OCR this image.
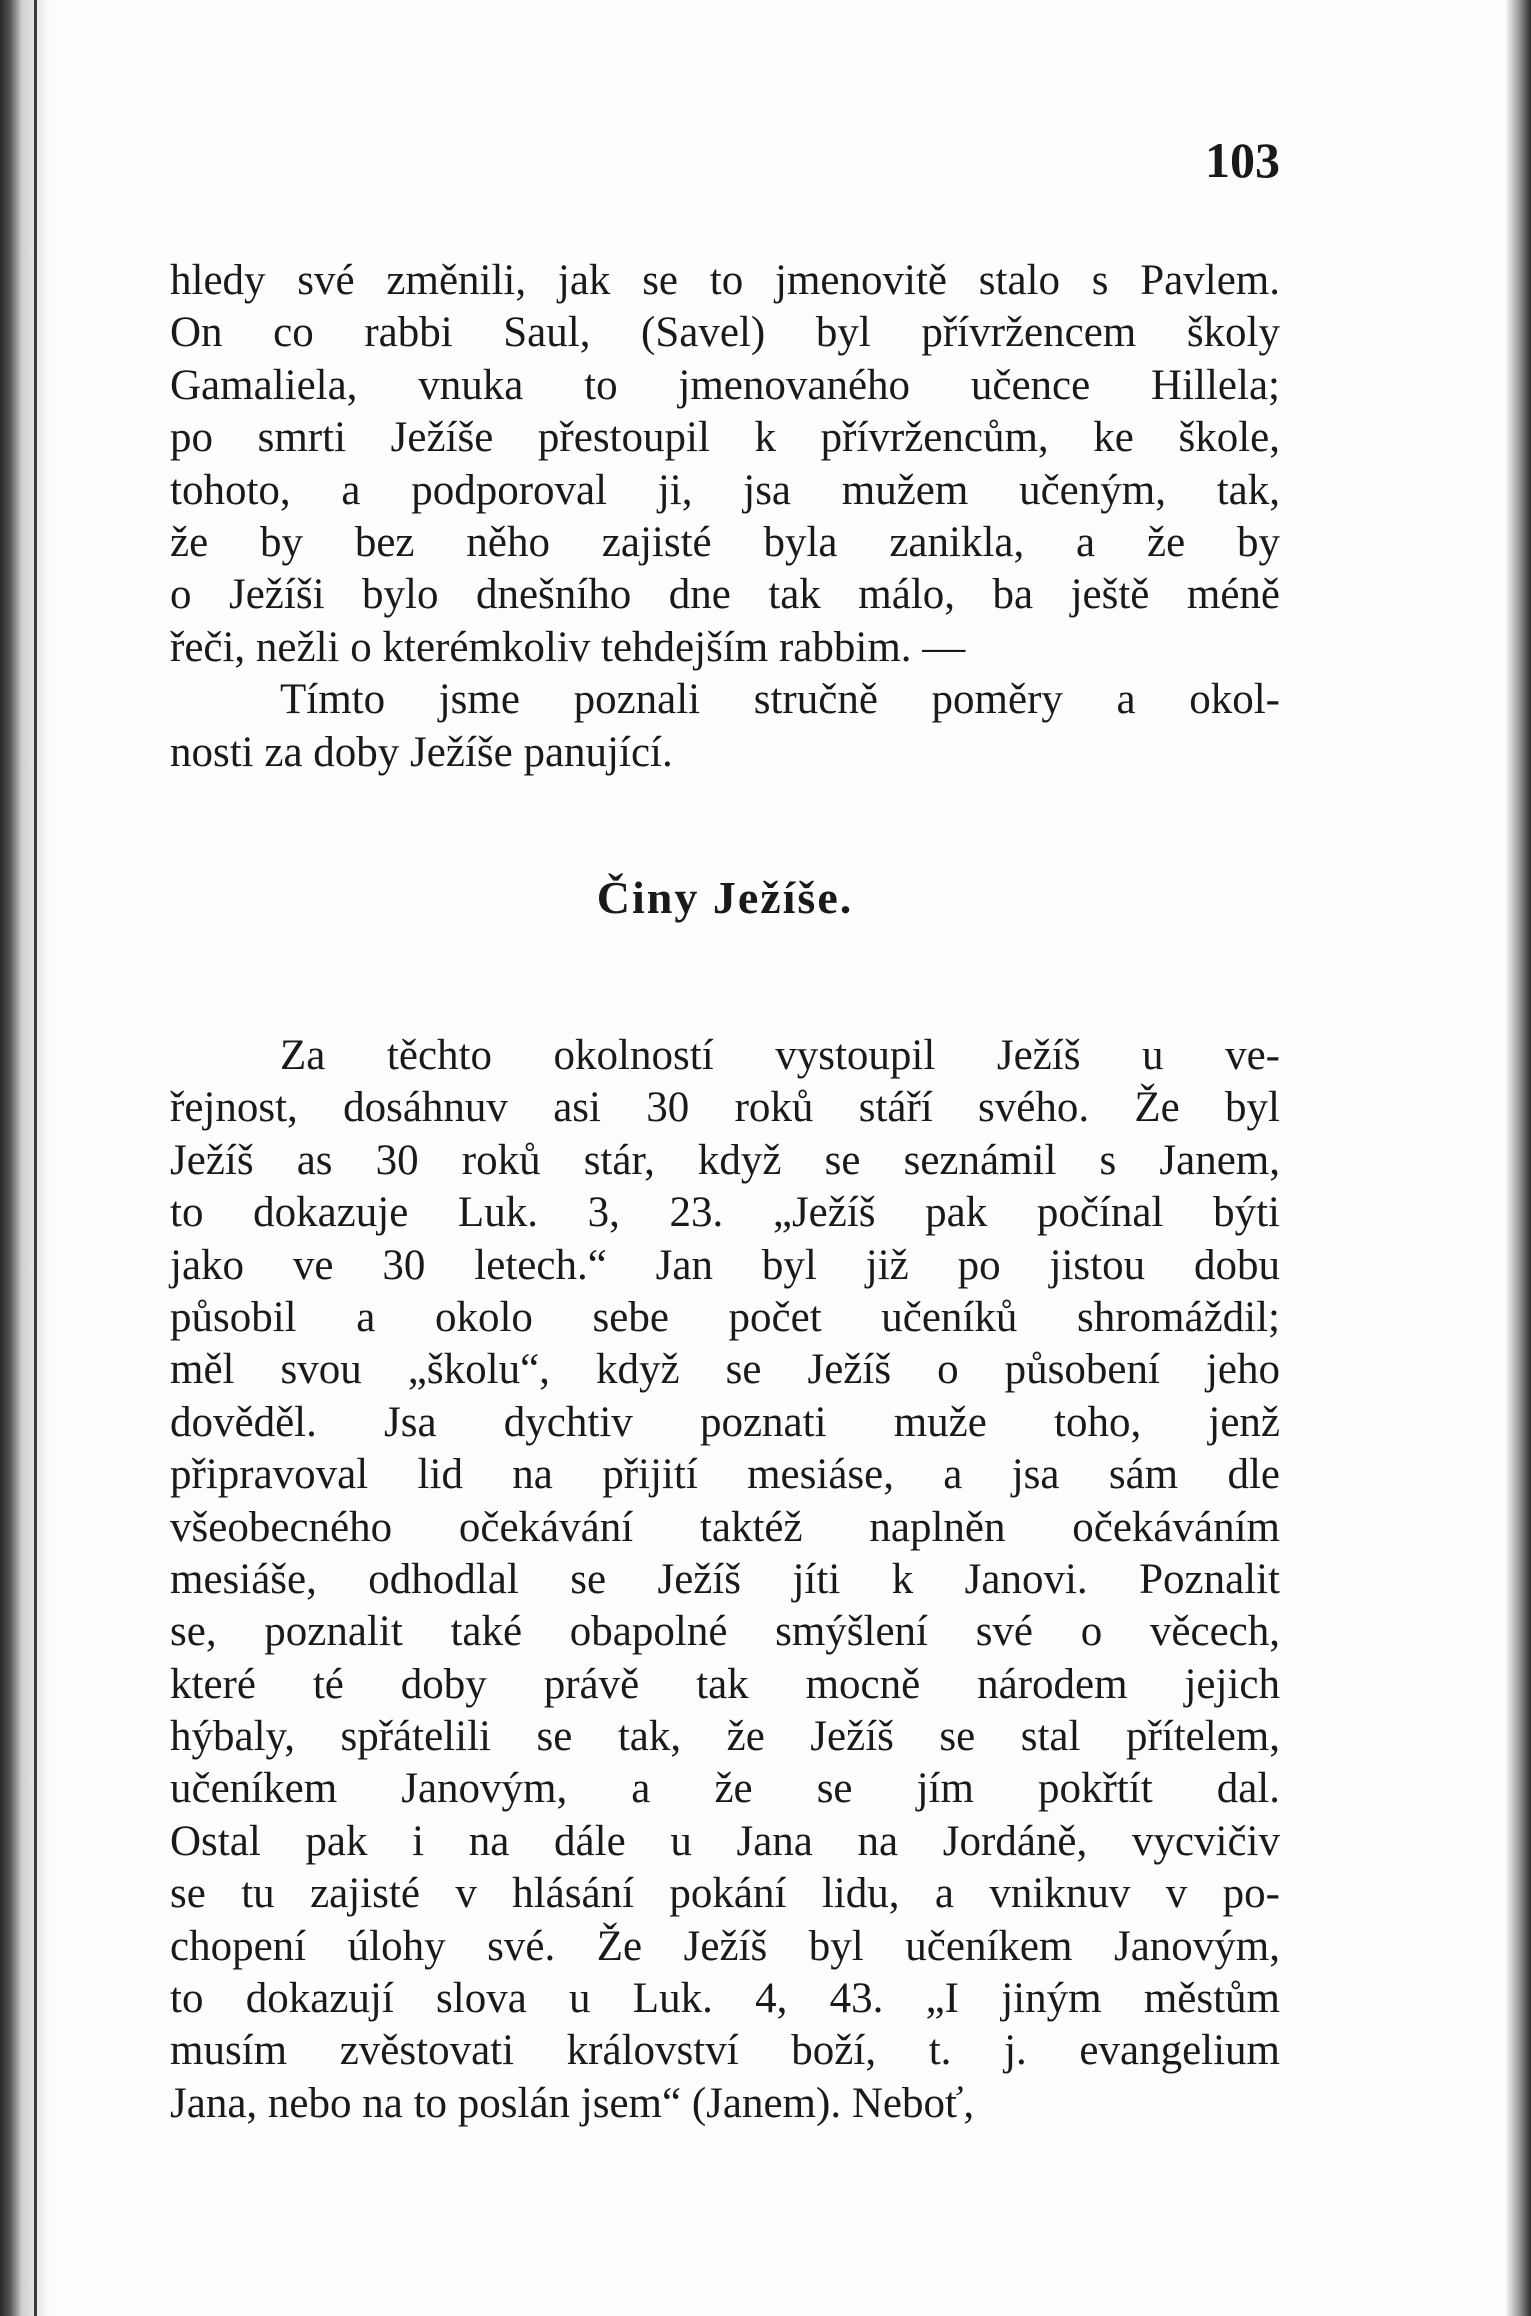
103
hledy své změnili, jak se to jmenovitě stalo s Pavlem.
On co rabbi Saul, (Savel) byl přívržencem školy
Gamaliela, vnuka to jmenovaného učence Hillela;
po smrti Ježíše přestoupil k přívržencům, ke škole,
tohoto, a podporoval ji, jsa mužem učeným, tak,
že by bez něho zajisté byla zanikla, a že by
o Ježíši bylo dnešního dne tak málo, ba ještě méně
řeči, nežli o kterémkoliv tehdejším rabbim. —
Tímto jsme poznali stručně poměry a okol-
nosti za doby Ježíše panující.
Činy Ježíše.
Za těchto okolností vystoupil Ježíš u ve-
řejnost, dosáhnuv asi 30 roků stáří svého. Že byl
Ježíš as 30 roků stár, když se seznámil s Janem,
to dokazuje Luk. 3, 23. „Ježíš pak počínal býti
jako ve 30 letech.“ Jan byl již po jistou dobu
působil a okolo sebe počet učeníků shromáždil;
měl svou „školu“, když se Ježíš o působení jeho
dověděl. Jsa dychtiv poznati muže toho, jenž
připravoval lid na přijití mesiáse, a jsa sám dle
všeobecného očekávání taktéž naplněn očekáváním
mesiáše, odhodlal se Ježíš jíti k Janovi. Poznalit
se, poznalit také obapolné smýšlení své o věcech,
které té doby právě tak mocně národem jejich
hýbaly, spřátelili se tak, že Ježíš se stal přítelem,
učeníkem Janovým, a že se jím pokřtít dal.
Ostal pak i na dále u Jana na Jordáně, vycvičiv
se tu zajisté v hlásání pokání lidu, a vniknuv v po-
chopení úlohy své. Že Ježíš byl učeníkem Janovým,
to dokazují slova u Luk. 4, 43. „I jiným městům
musím zvěstovati království boží, t. j. evangelium
Jana, nebo na to poslán jsem“ (Janem). Neboť,
